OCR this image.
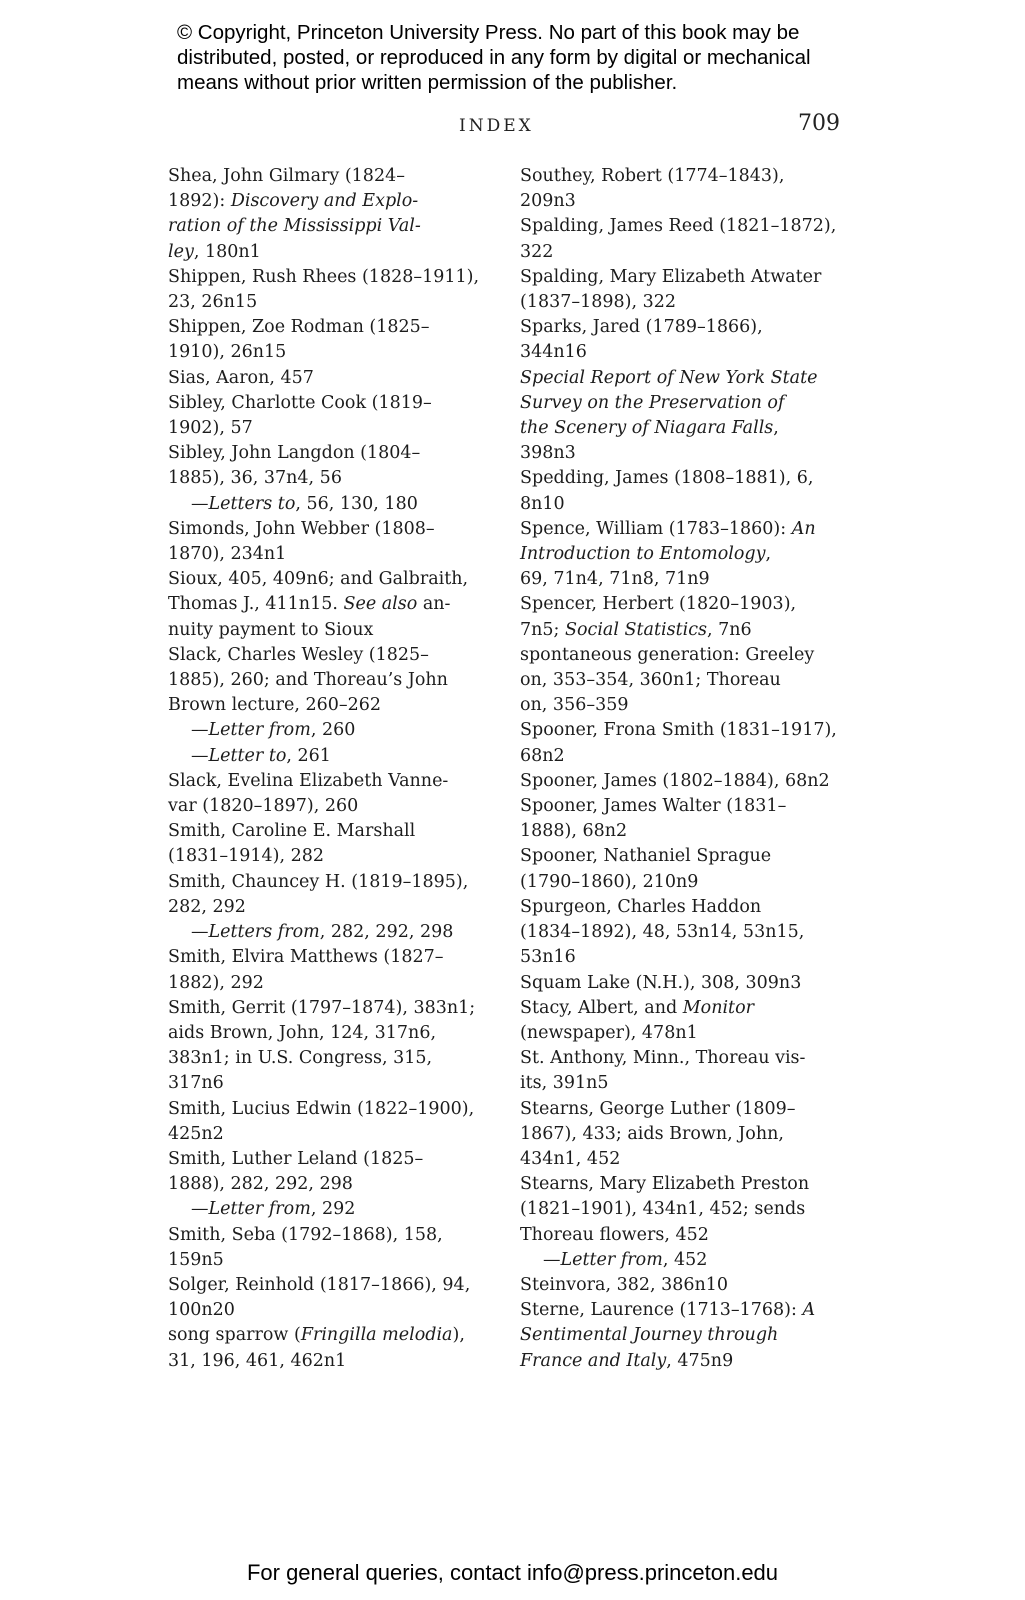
© Copyright, Princeton University Press. No part of this book may be
distributed, posted, or reproduced in any form by digital or mechanical
means without prior written permission of the publisher.
INDEX	709
Shea, John Gilmary (1824–
1892): Discovery and Explo-
ration of the Mississippi Val-
ley, 180n1
Shippen, Rush Rhees (1828–1911),
23, 26n15
Shippen, Zoe Rodman (1825–
1910), 26n15
Sias, Aaron, 457
Sibley, Charlotte Cook (1819–
1902), 57
Sibley, John Langdon (1804–
1885), 36, 37n4, 56
—Letters to, 56, 130, 180
Simonds, John Webber (1808–
1870), 234n1
Sioux, 405, 409n6; and Galbraith,
Thomas J., 411n15. See also an-
nuity payment to Sioux
Slack, Charles Wesley (1825–
1885), 260; and Thoreau’s John
Brown lecture, 260–262
—Letter from, 260
—Letter to, 261
Slack, Evelina Elizabeth Vanne-
var (1820–1897), 260
Smith, Caroline E. Marshall
(1831–1914), 282
Smith, Chauncey H. (1819–1895),
282, 292
—Letters from, 282, 292, 298
Smith, Elvira Matthews (1827–
1882), 292
Smith, Gerrit (1797–1874), 383n1;
aids Brown, John, 124, 317n6,
383n1; in U.S. Congress, 315,
317n6
Smith, Lucius Edwin (1822–1900),
425n2
Smith, Luther Leland (1825–
1888), 282, 292, 298
—Letter from, 292
Smith, Seba (1792–1868), 158,
159n5
Solger, Reinhold (1817–1866), 94,
100n20
song sparrow (Fringilla melodia),
31, 196, 461, 462n1
Southey, Robert (1774–1843),
209n3
Spalding, James Reed (1821–1872),
322
Spalding, Mary Elizabeth Atwater
(1837–1898), 322
Sparks, Jared (1789–1866),
344n16
Special Report of New York State
Survey on the Preservation of
the Scenery of Niagara Falls,
398n3
Spedding, James (1808–1881), 6,
8n10
Spence, William (1783–1860): An
Introduction to Entomology,
69, 71n4, 71n8, 71n9
Spencer, Herbert (1820–1903),
7n5; Social Statistics, 7n6
spontaneous generation: Greeley
on, 353–354, 360n1; Thoreau
on, 356–359
Spooner, Frona Smith (1831–1917),
68n2
Spooner, James (1802–1884), 68n2
Spooner, James Walter (1831–
1888), 68n2
Spooner, Nathaniel Sprague
(1790–1860), 210n9
Spurgeon, Charles Haddon
(1834–1892), 48, 53n14, 53n15,
53n16
Squam Lake (N.H.), 308, 309n3
Stacy, Albert, and Monitor
(newspaper), 478n1
St. Anthony, Minn., Thoreau vis-
its, 391n5
Stearns, George Luther (1809–
1867), 433; aids Brown, John,
434n1, 452
Stearns, Mary Elizabeth Preston
(1821–1901), 434n1, 452; sends
Thoreau flowers, 452
—Letter from, 452
Steinvora, 382, 386n10
Sterne, Laurence (1713–1768): A
Sentimental Journey through
France and Italy, 475n9
For general queries, contact info@press.princeton.edu
